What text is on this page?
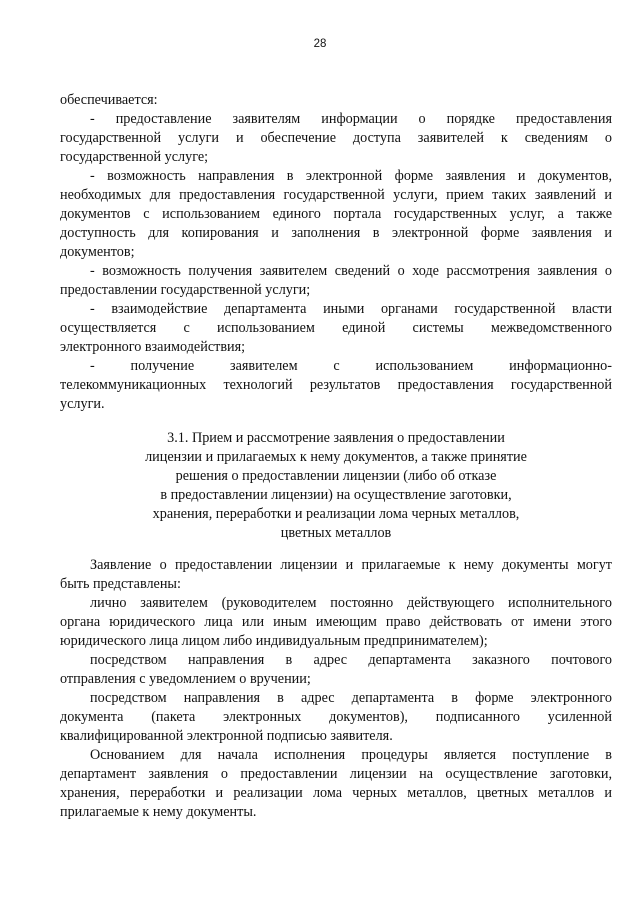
28
обеспечивается:
- предоставление заявителям информации о порядке предоставления
государственной услуги и обеспечение доступа заявителей к сведениям о
государственной услуге;
- возможность направления в электронной форме заявления и документов,
необходимых для предоставления государственной услуги, прием таких заявлений и
документов с использованием единого портала государственных услуг, а также
доступность для копирования и заполнения в электронной форме заявления и
документов;
- возможность получения заявителем сведений о ходе рассмотрения заявления о
предоставлении государственной услуги;
- взаимодействие департамента иными органами государственной власти
осуществляется с использованием единой системы межведомственного
электронного взаимодействия;
- получение заявителем с использованием информационно-
телекоммуникационных технологий результатов предоставления государственной
услуги.
3.1. Прием и рассмотрение заявления о предоставлении
лицензии и прилагаемых к нему документов, а также принятие
решения о предоставлении лицензии (либо об отказе
в предоставлении лицензии) на осуществление заготовки,
хранения, переработки и реализации лома черных металлов,
цветных металлов
Заявление о предоставлении лицензии и прилагаемые к нему документы могут
быть представлены:
лично заявителем (руководителем постоянно действующего исполнительного
органа юридического лица или иным имеющим право действовать от имени этого
юридического лица лицом либо индивидуальным предпринимателем);
посредством направления в адрес департамента заказного почтового
отправления с уведомлением о вручении;
посредством направления в адрес департамента в форме электронного
документа (пакета электронных документов), подписанного усиленной
квалифицированной электронной подписью заявителя.
Основанием для начала исполнения процедуры является поступление в
департамент заявления о предоставлении лицензии на осуществление заготовки,
хранения, переработки и реализации лома черных металлов, цветных металлов и
прилагаемые к нему документы.
